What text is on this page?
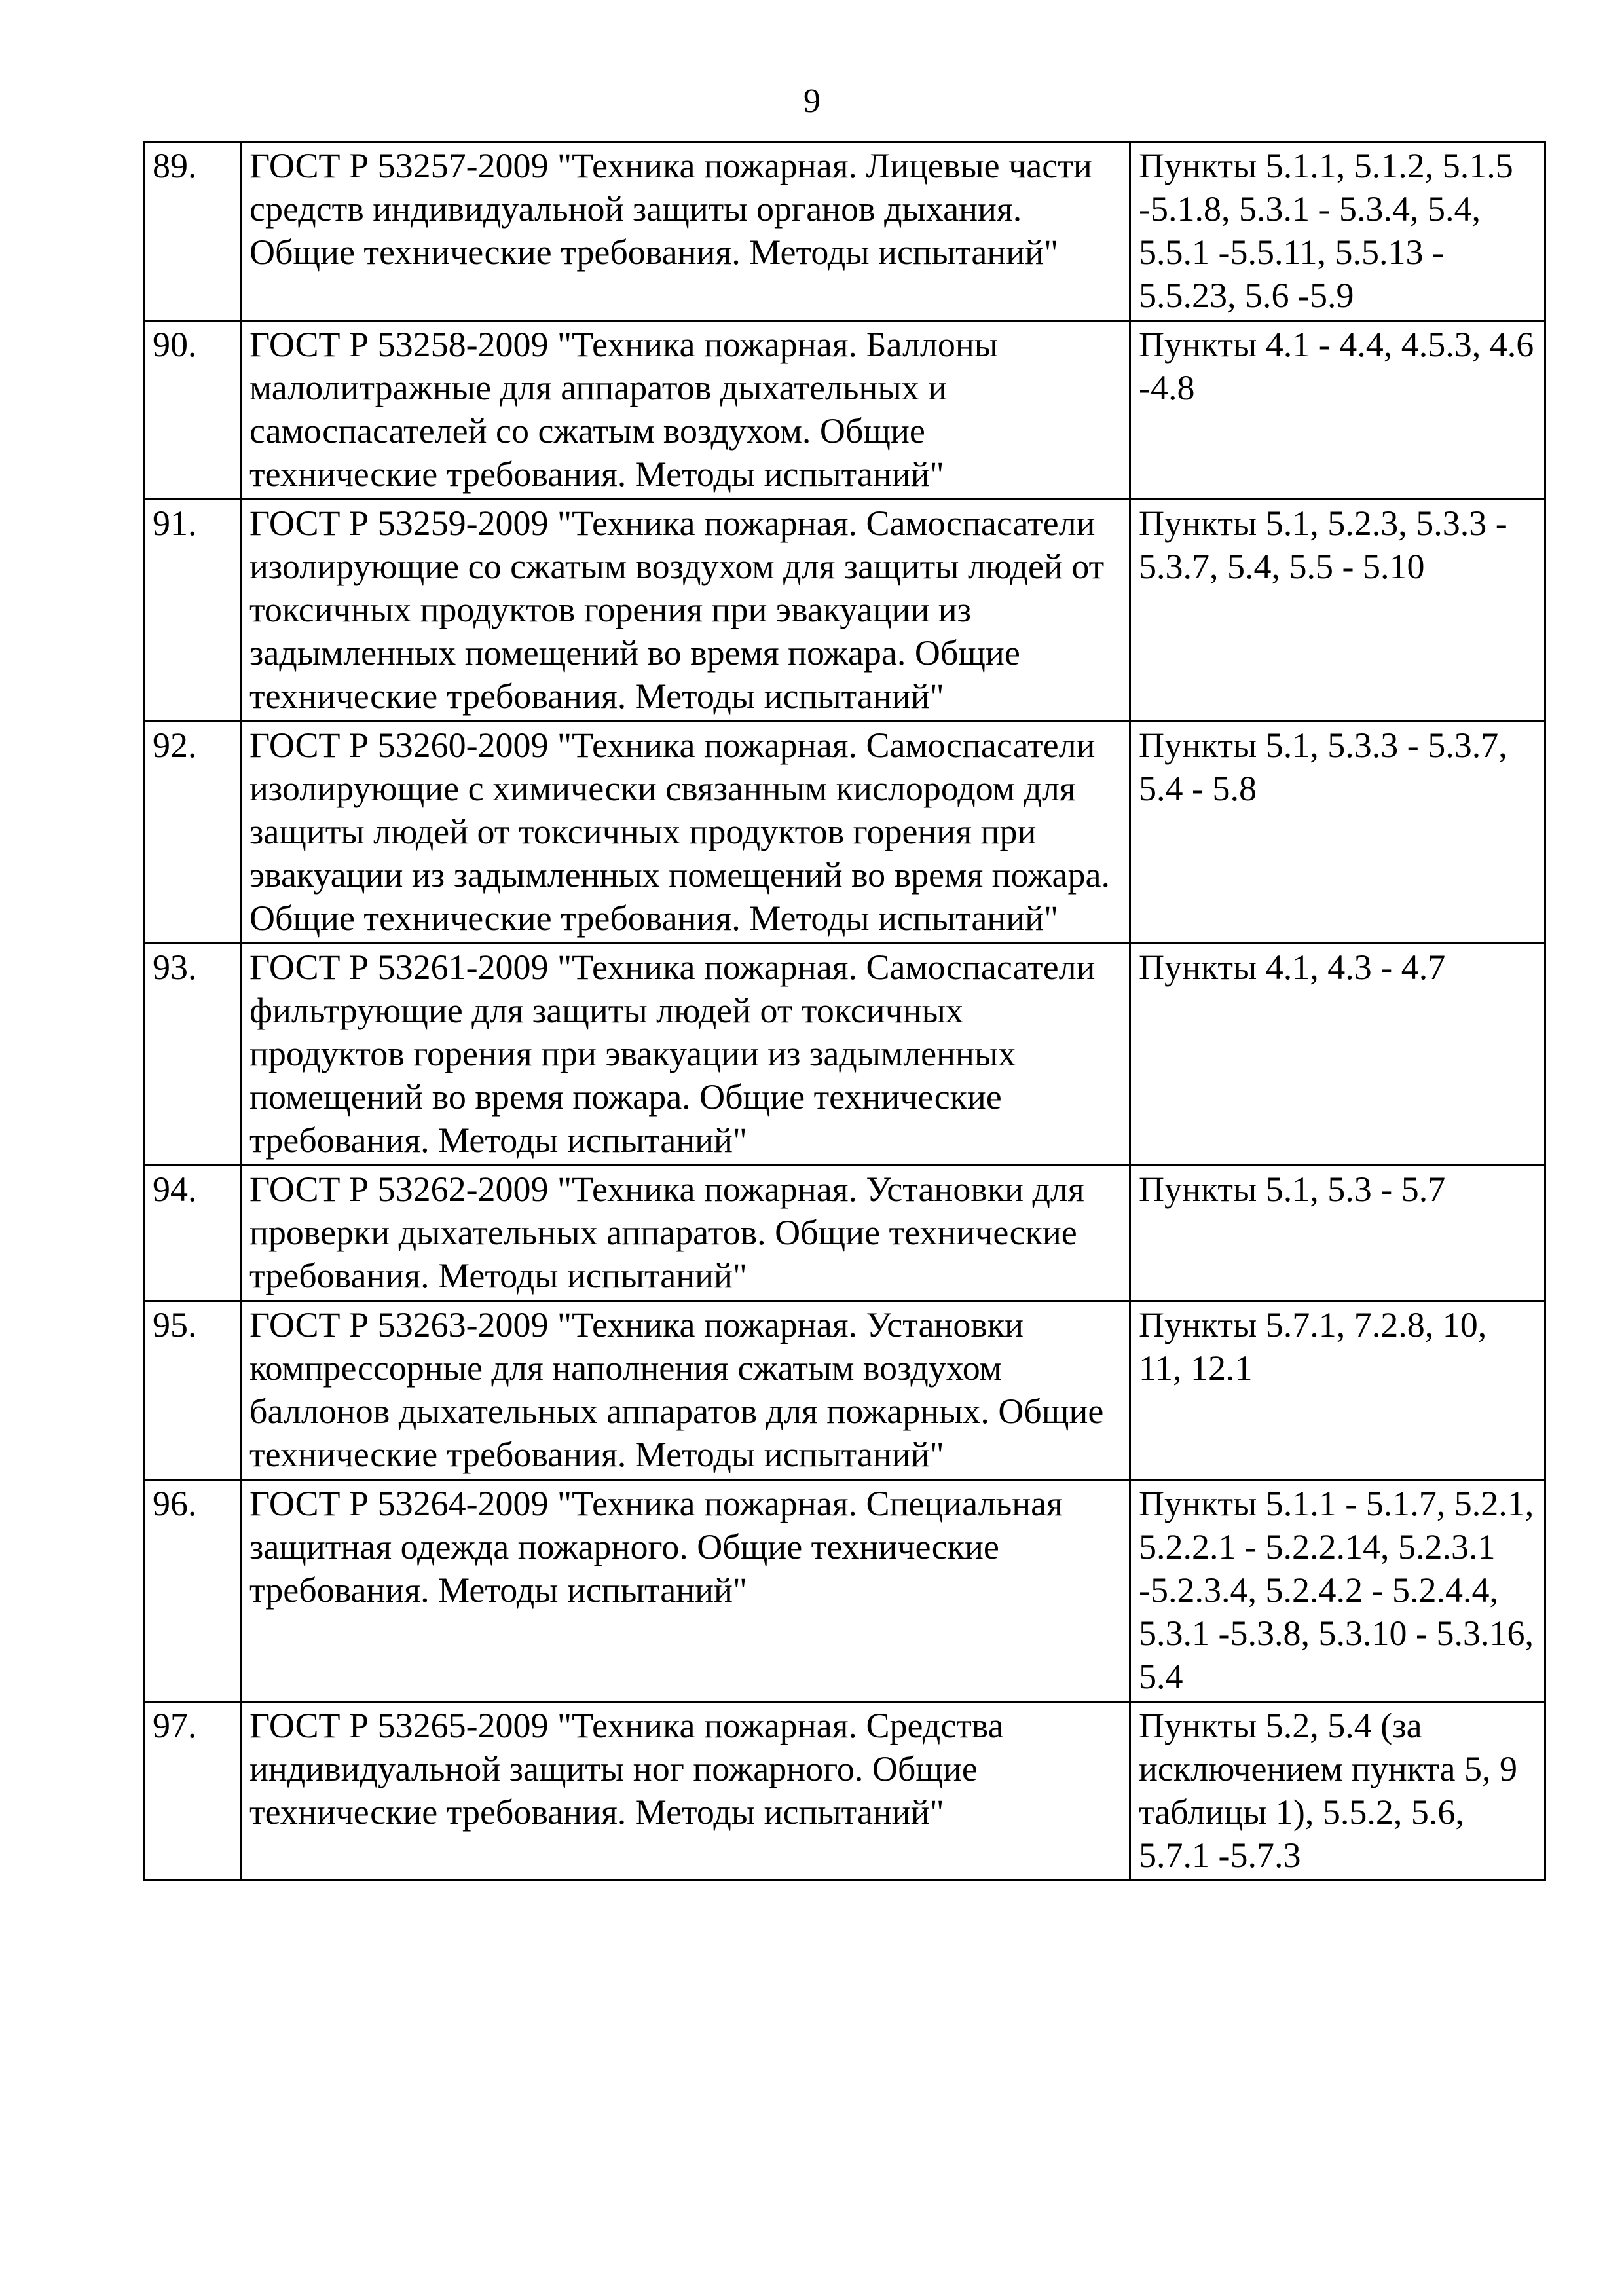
9
89.	ГОСТ Р 53257-2009 "Техника пожарная. Лицевые части средств индивидуальной защиты органов дыхания. Общие технические требования. Методы испытаний"	Пункты 5.1.1, 5.1.2, 5.1.5 -5.1.8, 5.3.1 - 5.3.4, 5.4, 5.5.1 -5.5.11, 5.5.13 - 5.5.23, 5.6 -5.9
90.	ГОСТ Р 53258-2009 "Техника пожарная. Баллоны малолитражные для аппаратов дыхательных и самоспасателей со сжатым воздухом. Общие технические требования. Методы испытаний"	Пункты 4.1 - 4.4, 4.5.3, 4.6 -4.8
91.	ГОСТ Р 53259-2009 "Техника пожарная. Самоспасатели изолирующие со сжатым воздухом для защиты людей от токсичных продуктов горения при эвакуации из задымленных помещений во время пожара. Общие технические требования. Методы испытаний"	Пункты 5.1, 5.2.3, 5.3.3 - 5.3.7, 5.4, 5.5 - 5.10
92.	ГОСТ Р 53260-2009 "Техника пожарная. Самоспасатели изолирующие с химически связанным кислородом для защиты людей от токсичных продуктов горения при эвакуации из задымленных помещений во время пожара. Общие технические требования. Методы испытаний"	Пункты 5.1, 5.3.3 - 5.3.7, 5.4 - 5.8
93.	ГОСТ Р 53261-2009 "Техника пожарная. Самоспасатели фильтрующие для защиты людей от токсичных продуктов горения при эвакуации из задымленных помещений во время пожара. Общие технические требования. Методы испытаний"	Пункты 4.1, 4.3 - 4.7
94.	ГОСТ Р 53262-2009 "Техника пожарная. Установки для проверки дыхательных аппаратов. Общие технические требования. Методы испытаний"	Пункты 5.1, 5.3 - 5.7
95.	ГОСТ Р 53263-2009 "Техника пожарная. Установки компрессорные для наполнения сжатым воздухом баллонов дыхательных аппаратов для пожарных. Общие технические требования. Методы испытаний"	Пункты 5.7.1, 7.2.8, 10, 11, 12.1
96.	ГОСТ Р 53264-2009 "Техника пожарная. Специальная защитная одежда пожарного. Общие технические требования. Методы испытаний"	Пункты 5.1.1 - 5.1.7, 5.2.1, 5.2.2.1 - 5.2.2.14, 5.2.3.1 -5.2.3.4, 5.2.4.2 - 5.2.4.4, 5.3.1 -5.3.8, 5.3.10 - 5.3.16, 5.4
97.	ГОСТ Р 53265-2009 "Техника пожарная. Средства индивидуальной защиты ног пожарного. Общие технические требования. Методы испытаний"	Пункты 5.2, 5.4 (за исключением пункта 5, 9 таблицы 1), 5.5.2, 5.6, 5.7.1 -5.7.3
